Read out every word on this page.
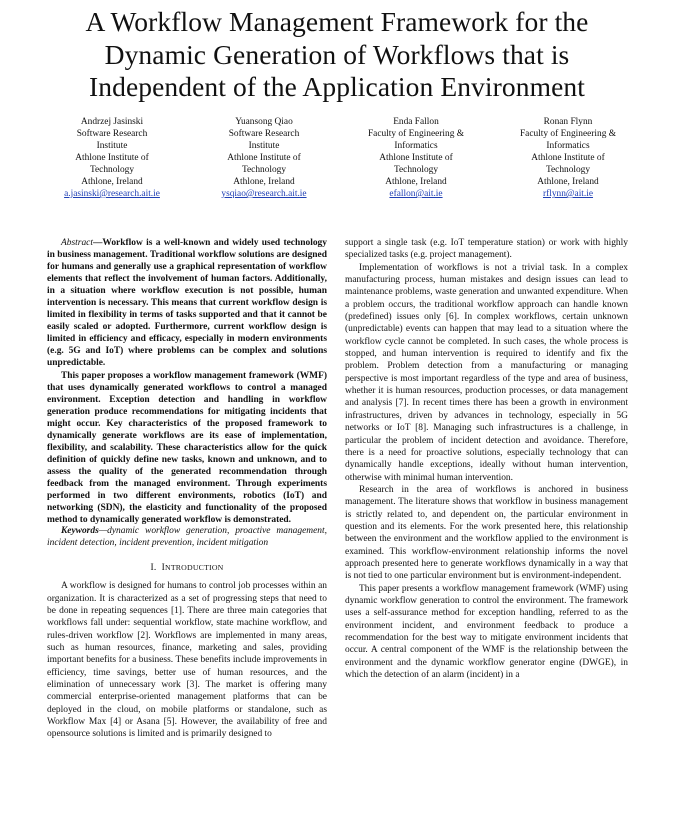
A Workflow Management Framework for the
Dynamic Generation of Workflows that is
Independent of the Application Environment
Andrzej Jasinski
Software Research
Institute
Athlone Institute of
Technology
Athlone, Ireland
a.jasinski@research.ait.ie
Yuansong Qiao
Software Research
Institute
Athlone Institute of
Technology
Athlone, Ireland
ysqiao@research.ait.ie
Enda Fallon
Faculty of Engineering &
Informatics
Athlone Institute of
Technology
Athlone, Ireland
efallon@ait.ie
Ronan Flynn
Faculty of Engineering &
Informatics
Athlone Institute of
Technology
Athlone, Ireland
rflynn@ait.ie

Abstract—Workflow is a well-known and widely used technology in business management. Traditional workflow solutions are designed for humans and generally use a graphical representation of workflow elements that reflect the involvement of human factors. Additionally, in a situation where workflow execution is not possible, human intervention is necessary. This means that current workflow design is limited in flexibility in terms of tasks supported and that it cannot be easily scaled or adopted. Furthermore, current workflow design is limited in efficiency and efficacy, especially in modern environments (e.g. 5G and IoT) where problems can be complex and solutions unpredictable.

This paper proposes a workflow management framework (WMF) that uses dynamically generated workflows to control a managed environment. Exception detection and handling in workflow generation produce recommendations for mitigating incidents that might occur. Key characteristics of the proposed framework to dynamically generate workflows are its ease of implementation, flexibility, and scalability. These characteristics allow for the quick definition of quickly define new tasks, known and unknown, and to assess the quality of the generated recommendation through feedback from the managed environment. Through experiments performed in two different environments, robotics (IoT) and networking (SDN), the elasticity and functionality of the proposed method to dynamically generated workflow is demonstrated.

Keywords—dynamic workflow generation, proactive management, incident detection, incident prevention, incident mitigation

I. INTRODUCTION

A workflow is designed for humans to control job processes within an organization. It is characterized as a set of progressing steps that need to be done in repeating sequences [1]. There are three main categories that workflows fall under: sequential workflow, state machine workflow, and rules-driven workflow [2]. Workflows are implemented in many areas, such as human resources, finance, marketing and sales, providing important benefits for a business. These benefits include improvements in efficiency, time savings, better use of human resources, and the elimination of unnecessary work [3]. The market is offering many commercial enterprise-oriented management platforms that can be deployed in the cloud, on mobile platforms or standalone, such as Workflow Max [4] or Asana [5]. However, the availability of free and opensource solutions is limited and is primarily designed to

support a single task (e.g. IoT temperature station) or work with highly specialized tasks (e.g. project management).

Implementation of workflows is not a trivial task. In a complex manufacturing process, human mistakes and design issues can lead to maintenance problems, waste generation and unwanted expenditure. When a problem occurs, the traditional workflow approach can handle known (predefined) issues only [6]. In complex workflows, certain unknown (unpredictable) events can happen that may lead to a situation where the workflow cycle cannot be completed. In such cases, the whole process is stopped, and human intervention is required to identify and fix the problem. Problem detection from a manufacturing or managing perspective is most important regardless of the type and area of business, whether it is human resources, production processes, or data management and analysis [7]. In recent times there has been a growth in environment infrastructures, driven by advances in technology, especially in 5G networks or IoT [8]. Managing such infrastructures is a challenge, in particular the problem of incident detection and avoidance. Therefore, there is a need for proactive solutions, especially technology that can dynamically handle exceptions, ideally without human intervention, otherwise with minimal human intervention.

Research in the area of workflows is anchored in business management. The literature shows that workflow in business management is strictly related to, and dependent on, the particular environment in question and its elements. For the work presented here, this relationship between the environment and the workflow applied to the environment is examined. This workflow-environment relationship informs the novel approach presented here to generate workflows dynamically in a way that is not tied to one particular environment but is environment-independent.

This paper presents a workflow management framework (WMF) using dynamic workflow generation to control the environment. The framework uses a self-assurance method for exception handling, referred to as the environment incident, and environment feedback to produce a recommendation for the best way to mitigate environment incidents that occur. A central component of the WMF is the relationship between the environment and the dynamic workflow generator engine (DWGE), in which the detection of an alarm (incident) in a
